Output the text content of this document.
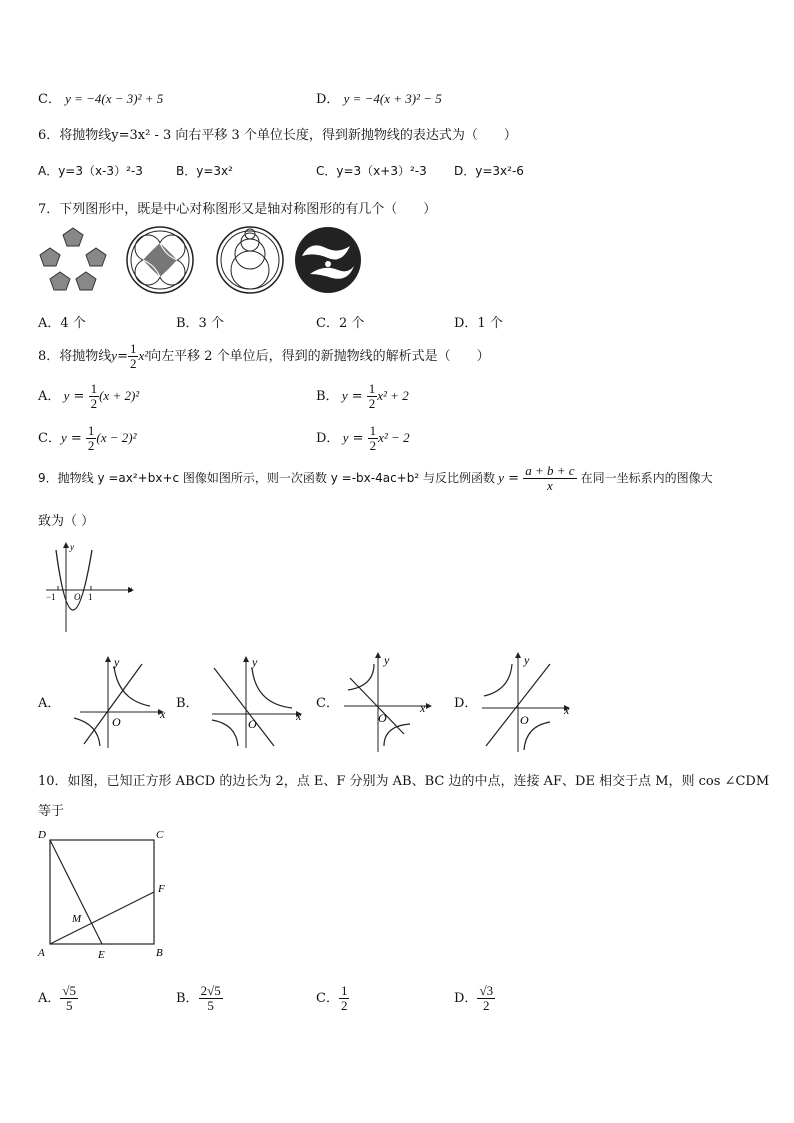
C． y = −4(x − 3)² + 5	D． y = −4(x + 3)² − 5
6．将抛物线y=3x² - 3 向右平移 3 个单位长度，得到新抛物线的表达式为（　　）
A．y=3（x-3）²-3	B．y=3x²	C．y=3（x+3）²-3 D．y=3x²-6
7．下列图形中，既是中心对称图形又是轴对称图形的有几个（　　）
A．4 个	B．3 个	C．2 个	D．1 个
8．将抛物线$y= \frac{1}{2} x^2$向左平移 2 个单位后，得到的新抛物线的解析式是（　　）
A． $y = \frac{1}{2} (x + 2)^2$	B． $y = \frac{1}{2} x^2 + 2$
C．$y = \frac{1}{2} (x - 2)^2$	D． $y = \frac{1}{2} x^2 - 2$
9．抛物线 y =ax²+bx+c 图像如图所示，则一次函数 y =-bx-4ac+b² 与反比例函数 $y = \frac{a + b + c}{x}$ 在同一坐标系内的图像大
致为（ ）
y
x
O
−1	1
A．	B．	C．	D．
y
x
O
y
x
O
y
x
O
y
x
O
10．如图，已知正方形 ABCD 的边长为 2，点 E、F 分别为 AB、BC 边的中点，连接 AF、DE 相交于点 M，则 cos ∠CDM
等于
D	C
F
M
A	E	B
A． $\frac{√5}{5}$	B． $\frac{2√5}{5}$	C． $\frac{1}{2}$	D． $\frac{√3}{2}$
